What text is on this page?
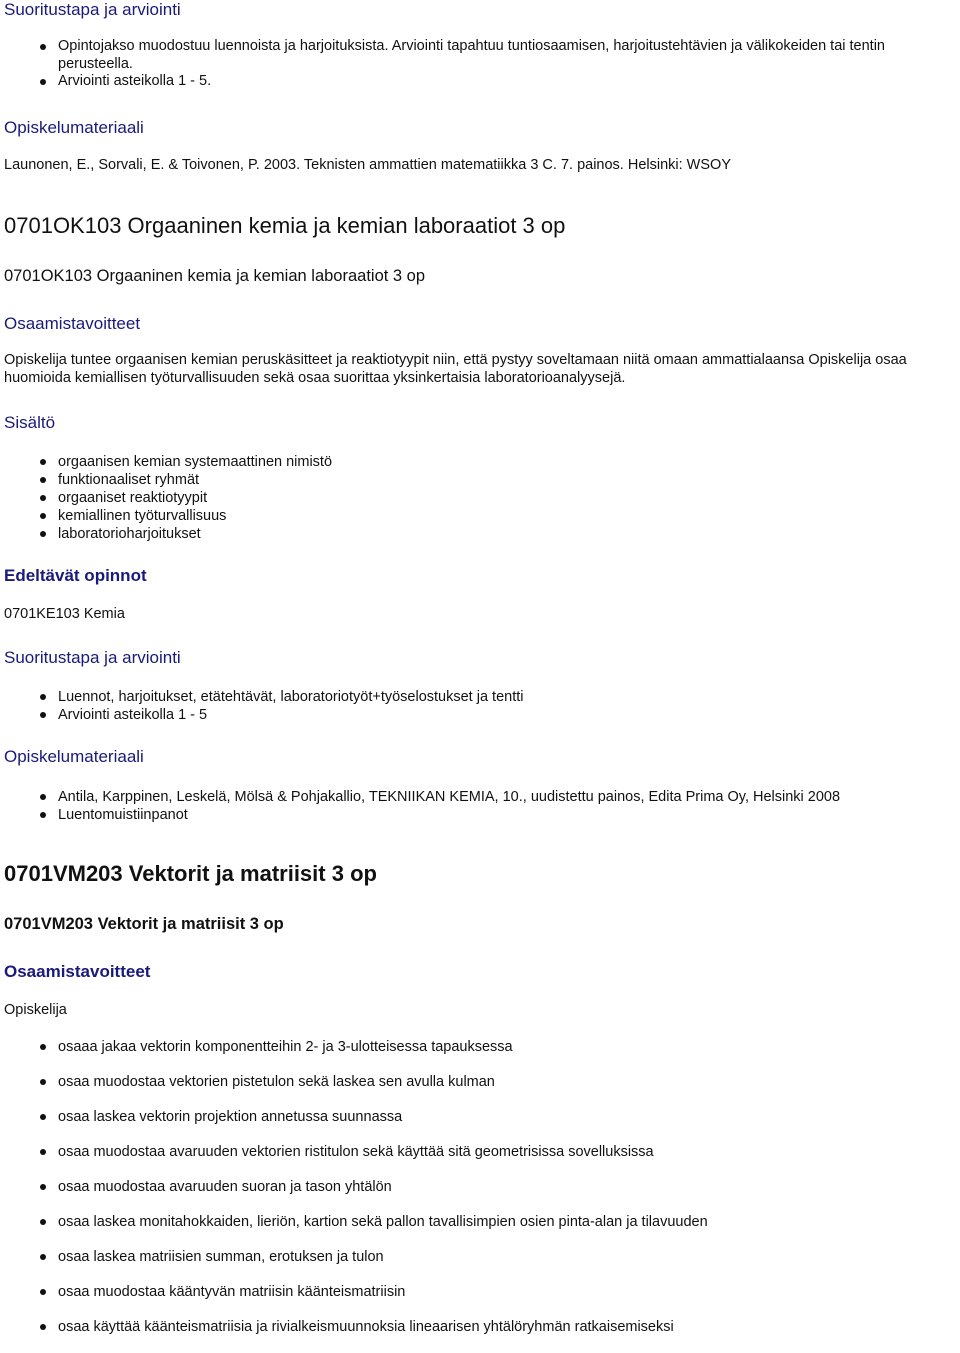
Suoritustapa ja arviointi
Opintojakso muodostuu luennoista ja harjoituksista. Arviointi tapahtuu tuntiosaamisen, harjoitustehtävien ja välikokeiden tai tentin perusteella.
Arviointi asteikolla 1 - 5.
Opiskelumateriaali
Launonen, E., Sorvali, E. & Toivonen, P. 2003. Teknisten ammattien matematiikka 3 C. 7. painos. Helsinki: WSOY
0701OK103 Orgaaninen kemia ja kemian laboraatiot 3 op
0701OK103 Orgaaninen kemia ja kemian laboraatiot 3 op
Osaamistavoitteet

Opiskelija tuntee orgaanisen kemian peruskäsitteet ja reaktiotyypit niin, että pystyy soveltamaan niitä omaan ammattialaansa Opiskelija osaa huomioida kemiallisen työturvallisuuden sekä osaa suorittaa yksinkertaisia laboratorioanalyysejä.

Sisältö
orgaanisen kemian systemaattinen nimistö
funktionaaliset ryhmät
orgaaniset reaktiotyypit
kemiallinen työturvallisuus
laboratorioharjoitukset
Edeltävät opinnot
0701KE103 Kemia
Suoritustapa ja arviointi
Luennot, harjoitukset, etätehtävät, laboratoriotyöt+työselostukset ja tentti
Arviointi asteikolla 1 - 5
Opiskelumateriaali
Antila, Karppinen, Leskelä, Mölsä & Pohjakallio, TEKNIIKAN KEMIA, 10., uudistettu painos, Edita Prima Oy, Helsinki 2008
Luentomuistiinpanot
0701VM203 Vektorit ja matriisit 3 op
0701VM203 Vektorit ja matriisit 3 op
Osaamistavoitteet
Opiskelija
osaaa jakaa vektorin komponentteihin 2- ja 3-ulotteisessa tapauksessa
osaa muodostaa vektorien pistetulon sekä laskea sen avulla kulman
osaa laskea vektorin projektion annetussa suunnassa
osaa muodostaa avaruuden vektorien ristitulon sekä käyttää sitä geometrisissa sovelluksissa
osaa muodostaa avaruuden suoran ja tason yhtälön
osaa laskea monitahokkaiden, lieriön, kartion sekä pallon tavallisimpien osien pinta-alan ja tilavuuden
osaa laskea matriisien summan, erotuksen ja tulon
osaa muodostaa kääntyvän matriisin käänteismatriisin
osaa käyttää käänteismatriisia ja rivialkeismuunnoksia lineaarisen yhtälöryhmän ratkaisemiseksi
